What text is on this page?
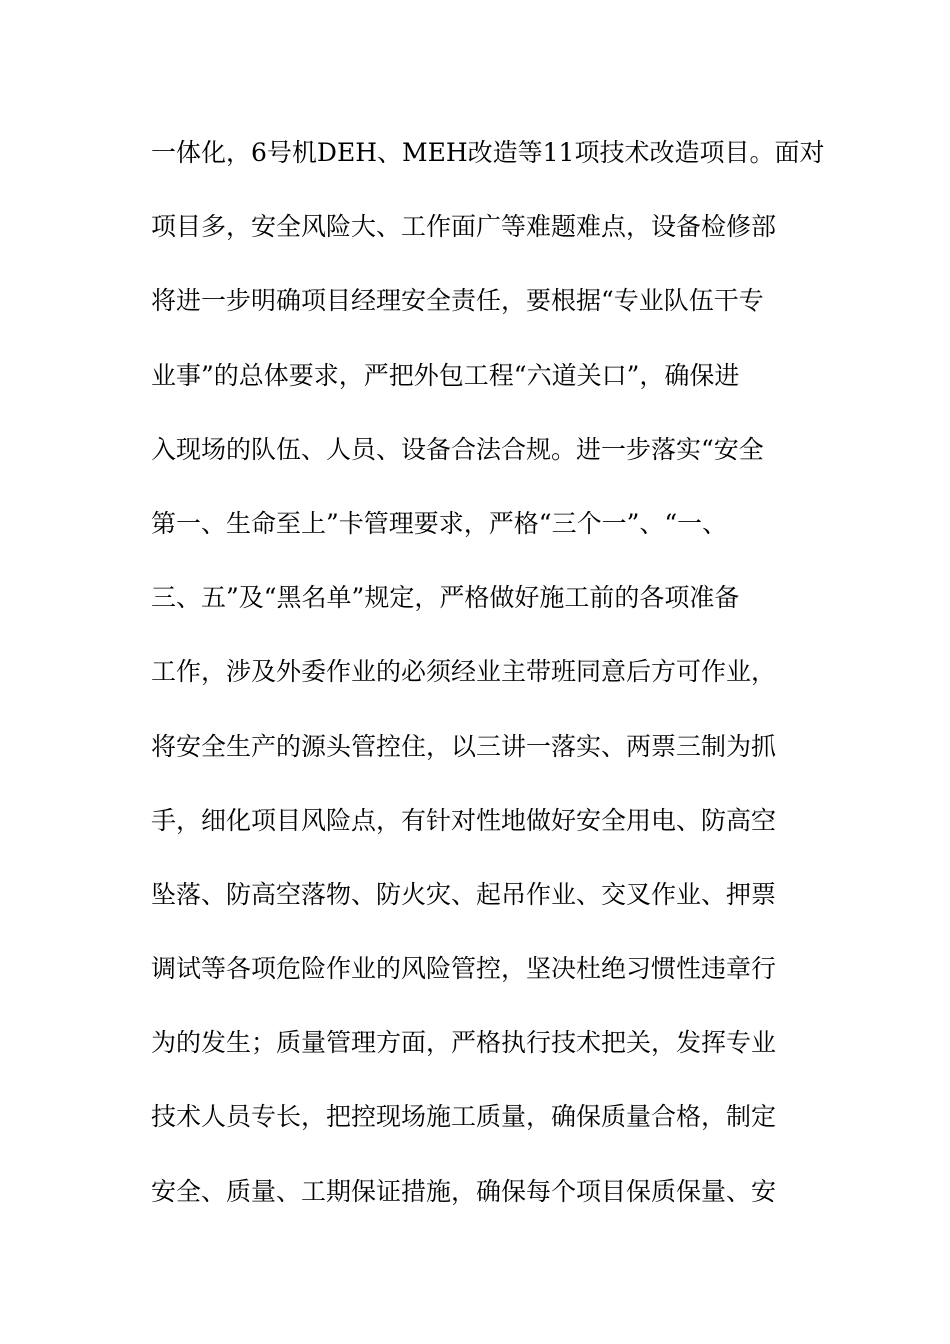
一体化，6号机DEH、MEH改造等11项技术改造项目。面对
项目多，安全风险大、工作面广等难题难点，设备检修部
将进一步明确项目经理安全责任，要根据“专业队伍干专
业事”的总体要求，严把外包工程“六道关口”，确保进
入现场的队伍、人员、设备合法合规。进一步落实“安全
第一、生命至上”卡管理要求，严格“三个一”、“一、
三、五”及“黑名单”规定，严格做好施工前的各项准备
工作，涉及外委作业的必须经业主带班同意后方可作业，
将安全生产的源头管控住，以三讲一落实、两票三制为抓
手，细化项目风险点，有针对性地做好安全用电、防高空
坠落、防高空落物、防火灾、起吊作业、交叉作业、押票
调试等各项危险作业的风险管控，坚决杜绝习惯性违章行
为的发生；质量管理方面，严格执行技术把关，发挥专业
技术人员专长，把控现场施工质量，确保质量合格，制定
安全、质量、工期保证措施，确保每个项目保质保量、安
